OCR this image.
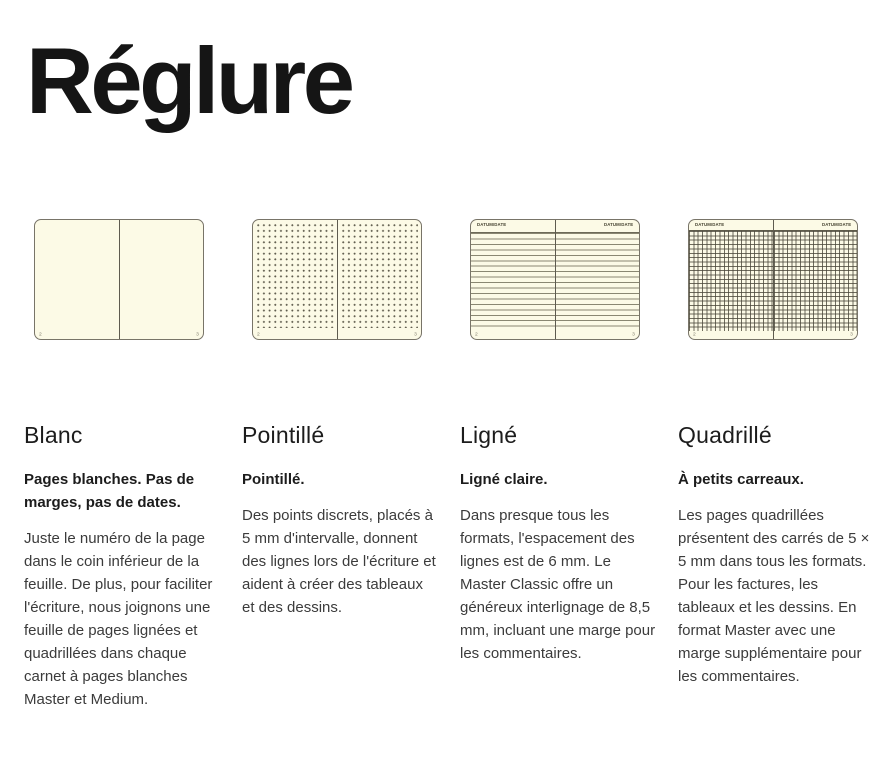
Réglure
2	3
Blanc
Pages blanches. Pas de marges, pas de dates.

Juste le numéro de la page dans le coin inférieur de la feuille. De plus, pour faciliter l'écriture, nous joignons une feuille de pages lignées et quadrillées dans chaque carnet à pages blanches Master et Medium.

2	3
Pointillé
Pointillé.

Des points discrets, placés à 5 mm d'intervalle, donnent des lignes lors de l'écriture et aident à créer des tableaux et des dessins.

DATUM/DATE
2
DATUM/DATE
3
Ligné
Ligné claire.

Dans presque tous les formats, l'espacement des lignes est de 6 mm. Le Master Classic offre un généreux interlignage de 8,5 mm, incluant une marge pour les commentaires.

DATUM/DATE
2
DATUM/DATE
3
Quadrillé
À petits carreaux.

Les pages quadrillées présentent des carrés de 5 × 5 mm dans tous les formats. Pour les factures, les tableaux et les dessins. En format Master avec une marge supplémentaire pour les commentaires.
